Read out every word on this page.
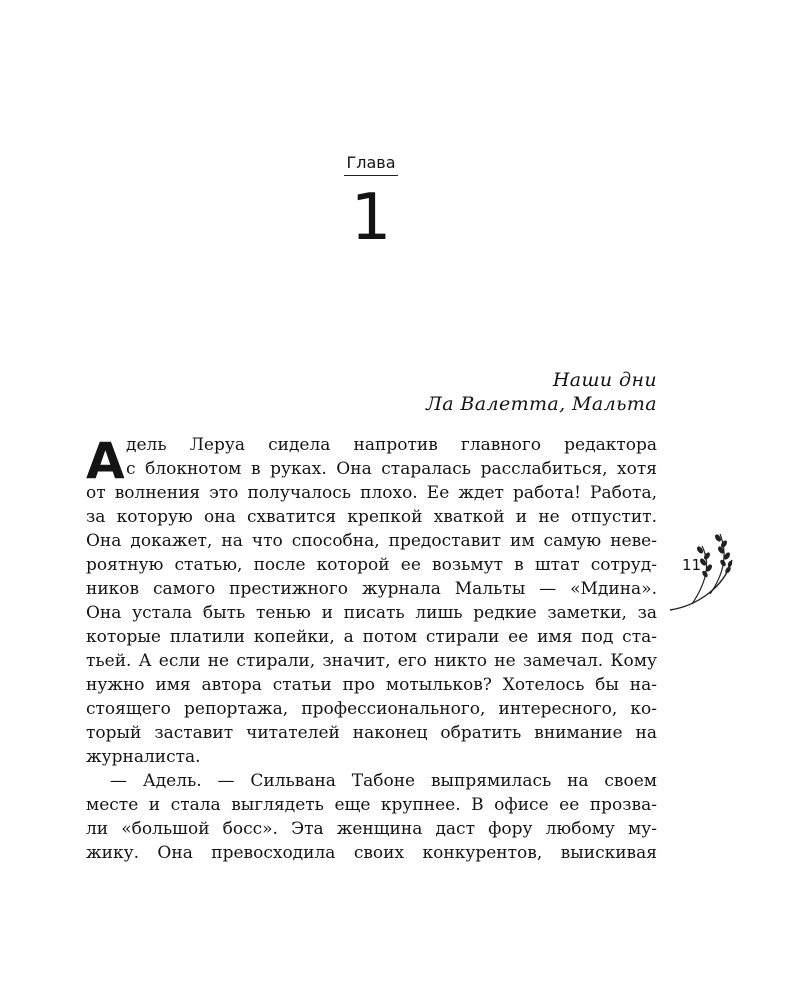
Глава
1
Наши дни
Ла Валетта, Мальта
А дель Леруа сидела напротив главного редактора
с блокнотом в руках. Она старалась расслабиться, хотя
от волнения это получалось плохо. Ее ждет работа! Работа,
за которую она схватится крепкой хваткой и не отпустит.
Она докажет, на что способна, предоставит им самую неве-
роятную статью, после которой ее возьмут в штат сотруд-
ников самого престижного журнала Мальты — «Мдина».
Она устала быть тенью и писать лишь редкие заметки, за
которые платили копейки, а потом стирали ее имя под ста-
тьей. А если не стирали, значит, его никто не замечал. Кому
нужно имя автора статьи про мотыльков? Хотелось бы на-
стоящего репортажа, профессионального, интересного, ко-
торый заставит читателей наконец обратить внимание на
журналиста.
— Адель. — Сильвана Табоне выпрямилась на своем
месте и стала выглядеть еще крупнее. В офисе ее прозва-
ли «большой босс». Эта женщина даст фору любому му-
жику. Она превосходила своих конкурентов, выискивая
11
